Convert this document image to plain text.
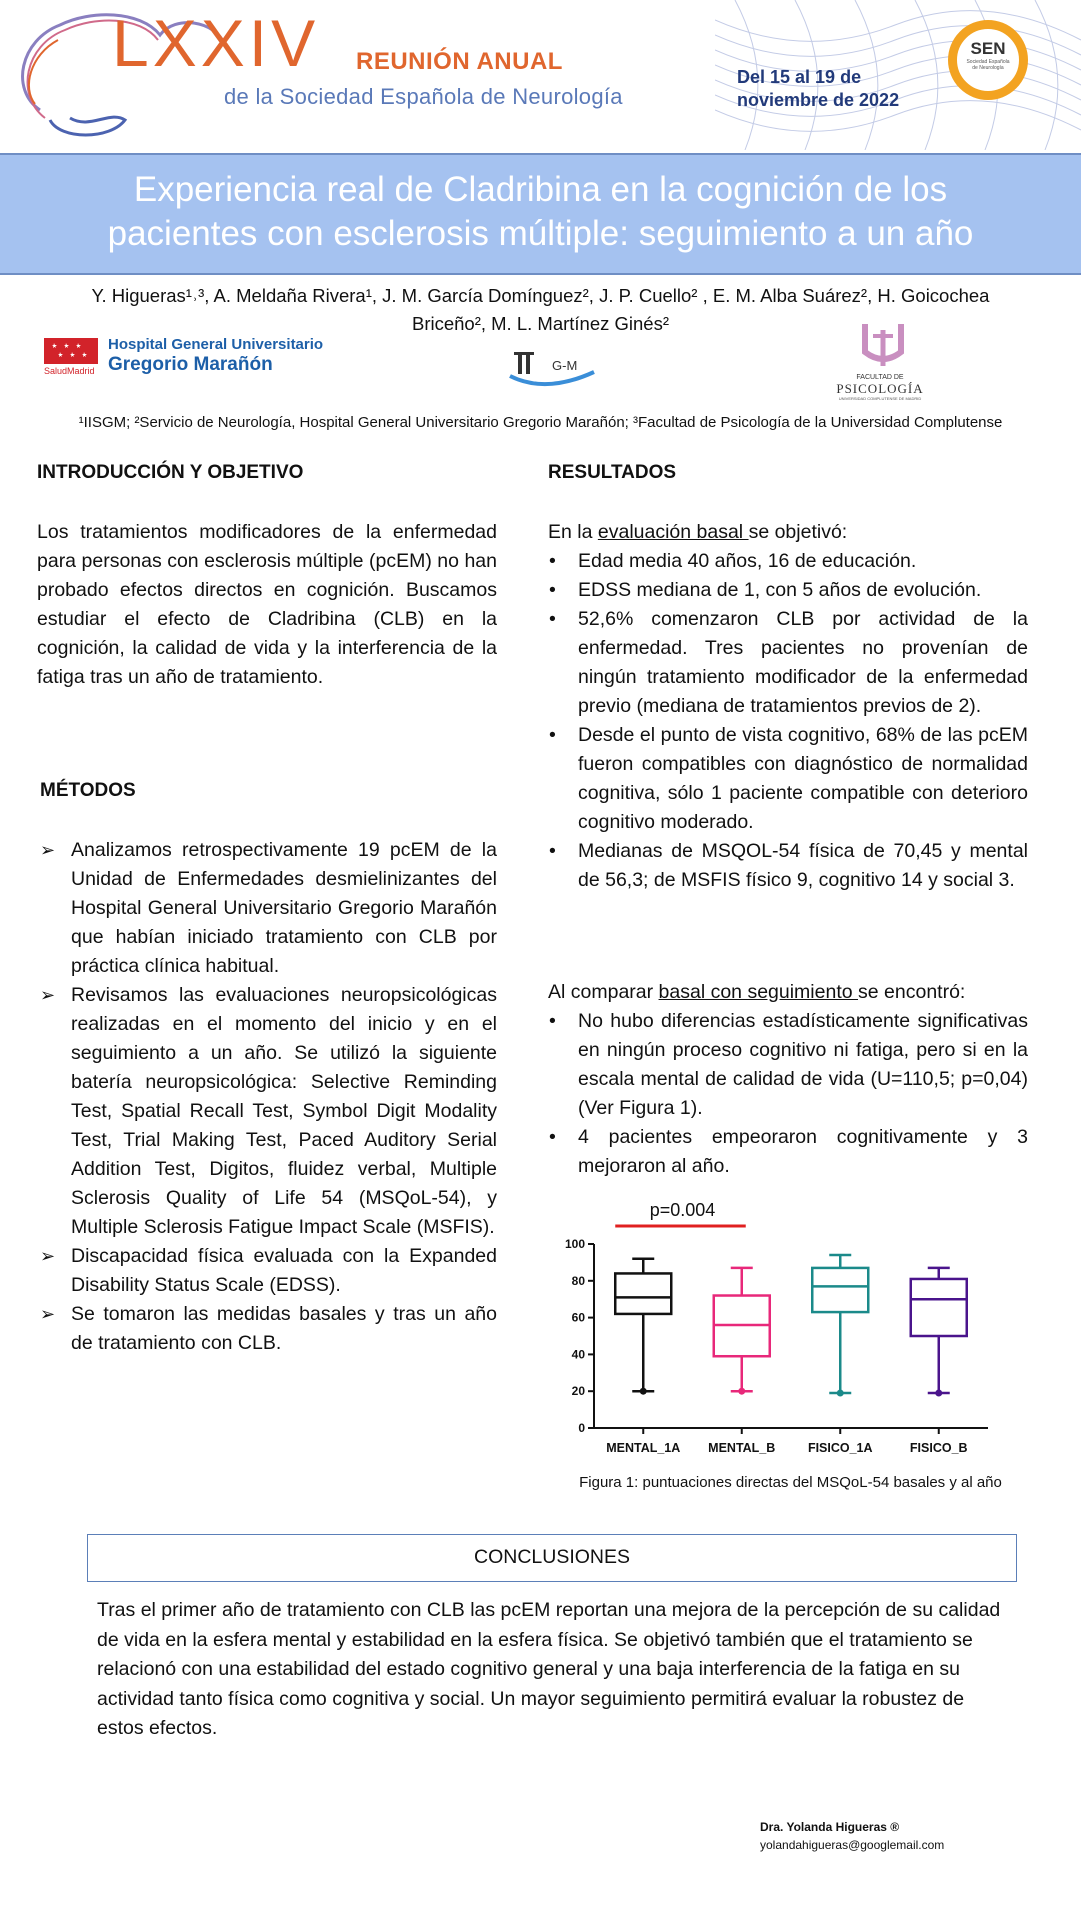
LXXIV REUNIÓN ANUAL
de la Sociedad Española de Neurología
Del 15 al 19 de
noviembre de 2022
SEN
Sociedad Española
de Neurología
Experiencia real de Cladribina en la cognición de los
pacientes con esclerosis múltiple: seguimiento a un año
Y. Higueras¹˒³, A. Meldaña Rivera¹, J. M. García Domínguez², J. P. Cuello² , E. M. Alba Suárez², H. Goicochea
Briceño², M. L. Martínez Ginés²
SaludMadrid
Hospital General Universitario
Gregorio Marañón	G-M
FACULTAD DE
PSICOLOGÍA
UNIVERSIDAD COMPLUTENSE DE MADRID
¹IISGM; ²Servicio de Neurología, Hospital General Universitario Gregorio Marañón; ³Facultad de Psicología de la Universidad Complutense
INTRODUCCIÓN Y OBJETIVO
Los tratamientos modificadores de la enfermedad para personas con esclerosis múltiple (pcEM) no han probado efectos directos en cognición. Buscamos estudiar el efecto de Cladribina (CLB) en la cognición, la calidad de vida y la interferencia de la fatiga tras un año de tratamiento.
MÉTODOS
➢ Analizamos retrospectivamente 19 pcEM de la Unidad de Enfermedades desmielinizantes del Hospital General Universitario Gregorio Marañón que habían iniciado tratamiento con CLB por práctica clínica habitual.
➢ Revisamos las evaluaciones neuropsicológicas realizadas en el momento del inicio y en el seguimiento a un año. Se utilizó la siguiente batería neuropsicológica: Selective Reminding Test, Spatial Recall Test, Symbol Digit Modality Test, Trial Making Test, Paced Auditory Serial Addition Test, Digitos, fluidez verbal, Multiple Sclerosis Quality of Life 54 (MSQoL-54), y Multiple Sclerosis Fatigue Impact Scale (MSFIS).
➢ Discapacidad física evaluada con la Expanded Disability Status Scale (EDSS).
➢ Se tomaron las medidas basales y tras un año de tratamiento con CLB.
RESULTADOS
En la evaluación basal se objetivó:
• Edad media 40 años, 16 de educación.
• EDSS mediana de 1, con 5 años de evolución.
• 52,6% comenzaron CLB por actividad de la enfermedad. Tres pacientes no provenían de ningún tratamiento modificador de la enfermedad previo (mediana de tratamientos previos de 2).
• Desde el punto de vista cognitivo, 68% de las pcEM fueron compatibles con diagnóstico de normalidad cognitiva, sólo 1 paciente compatible con deterioro cognitivo moderado.
• Medianas de MSQOL-54 física de 70,45 y mental de 56,3; de MSFIS físico 9, cognitivo 14 y social 3.
Al comparar basal con seguimiento se encontró:
• No hubo diferencias estadísticamente significativas en ningún proceso cognitivo ni fatiga, pero si en la escala mental de calidad de vida (U=110,5; p=0,04) (Ver Figura 1).
• 4 pacientes empeoraron cognitivamente y 3 mejoraron al año.
0
20
40
60
80
100
MENTAL_1A MENTAL_B	FISICO_1A	FISICO_B
p=0.004
Figura 1: puntuaciones directas del MSQoL-54 basales y al año
CONCLUSIONES
Tras el primer año de tratamiento con CLB las pcEM reportan una mejora de la percepción de su calidad de vida en la esfera mental y estabilidad en la esfera física. Se objetivó también que el tratamiento se relacionó con una estabilidad del estado cognitivo general y una baja interferencia de la fatiga en su actividad tanto física como cognitiva y social. Un mayor seguimiento permitirá evaluar la robustez de estos efectos.
Dra. Yolanda Higueras ®
yolandahigueras@googlemail.com
